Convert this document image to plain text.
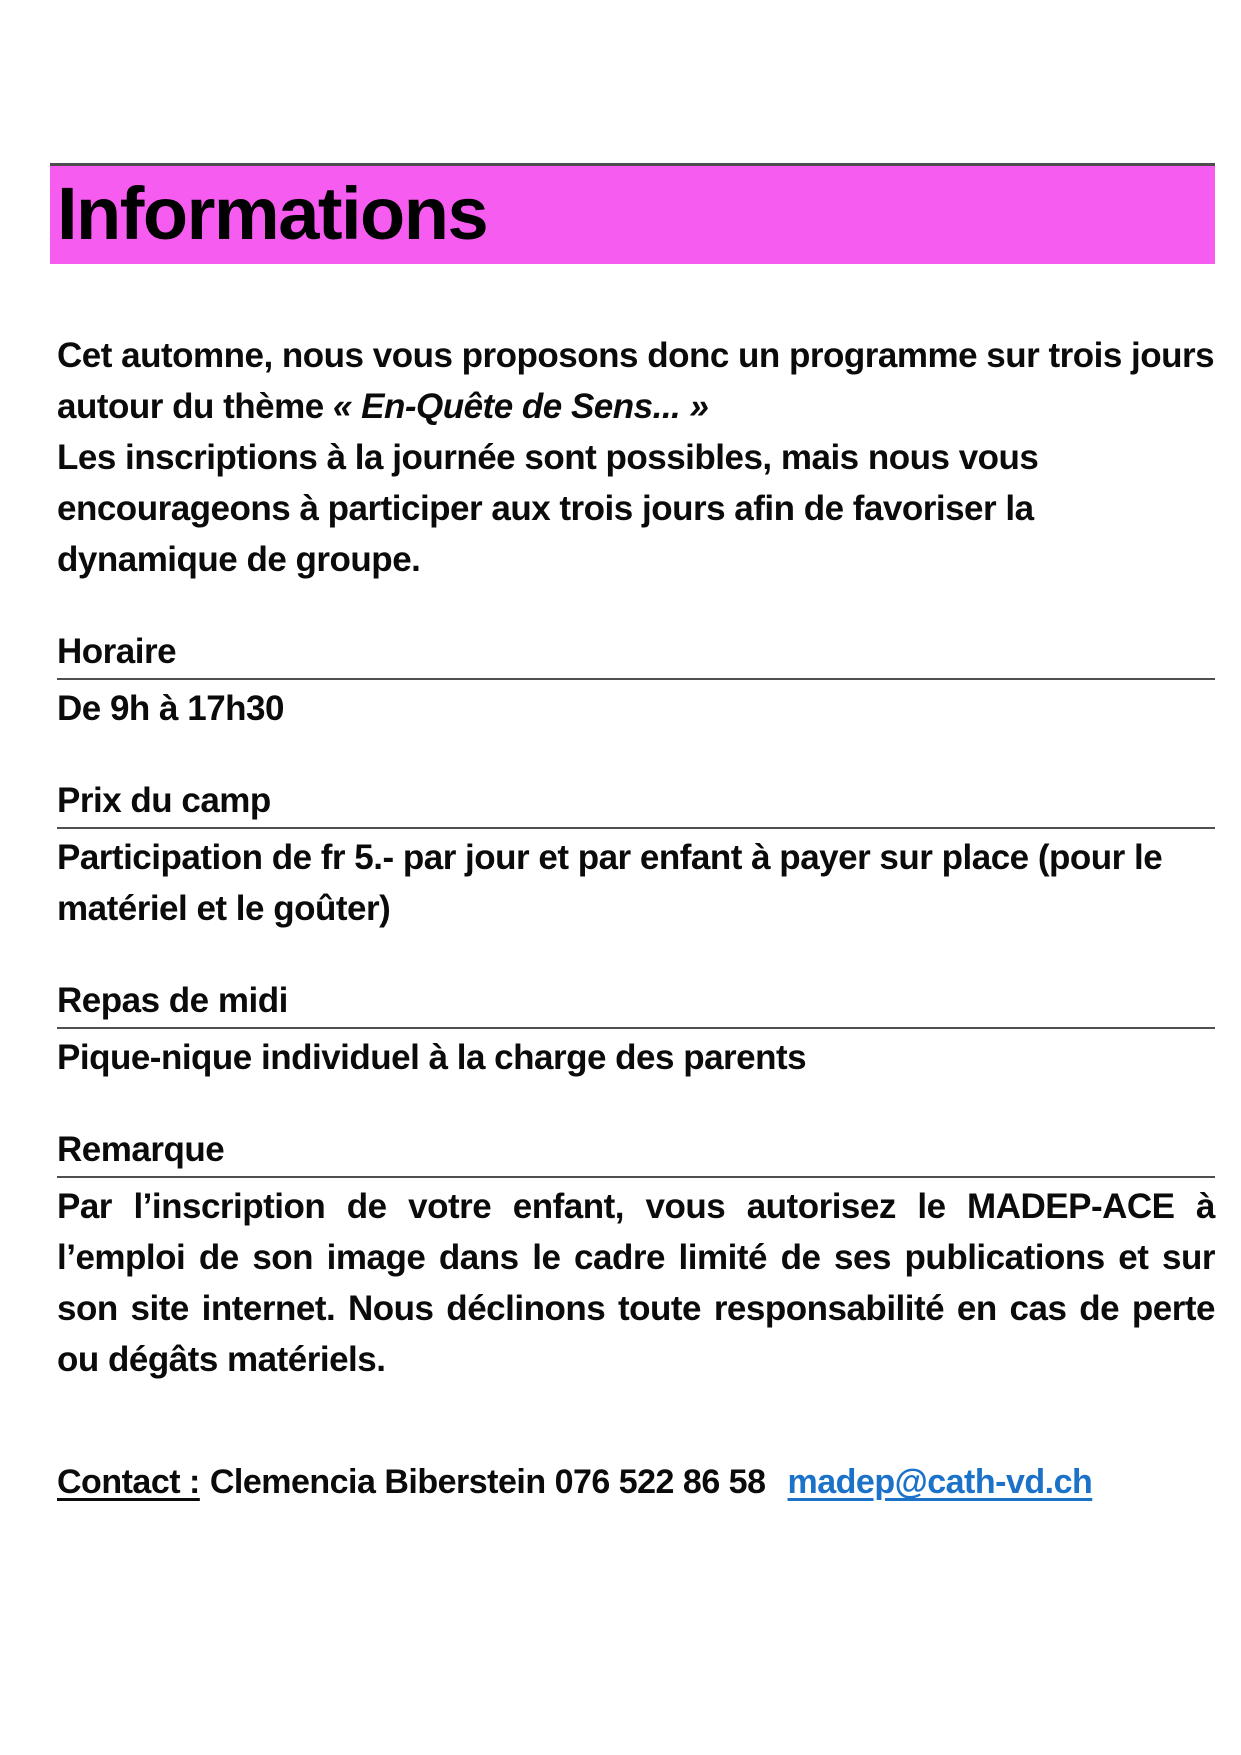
Informations

Cet automne, nous vous proposons donc un programme sur trois jours autour du thème « En-Quête de Sens... »
Les inscriptions à la journée sont possibles, mais nous vous encourageons à participer aux trois jours afin de favoriser la dynamique de groupe.

Horaire
De 9h à 17h30
Prix du camp
Participation de fr 5.- par jour et par enfant à payer sur place (pour le matériel et le goûter)
Repas de midi
Pique-nique individuel à la charge des parents
Remarque
Par l’inscription de votre enfant, vous autorisez le MADEP-ACE à l’emploi de son image dans le cadre limité de ses publications et sur son site internet. Nous déclinons toute responsabilité en cas de perte ou dégâts matériels.
Contact : Clemencia Biberstein 076 522 86 58 madep@cath-vd.ch
